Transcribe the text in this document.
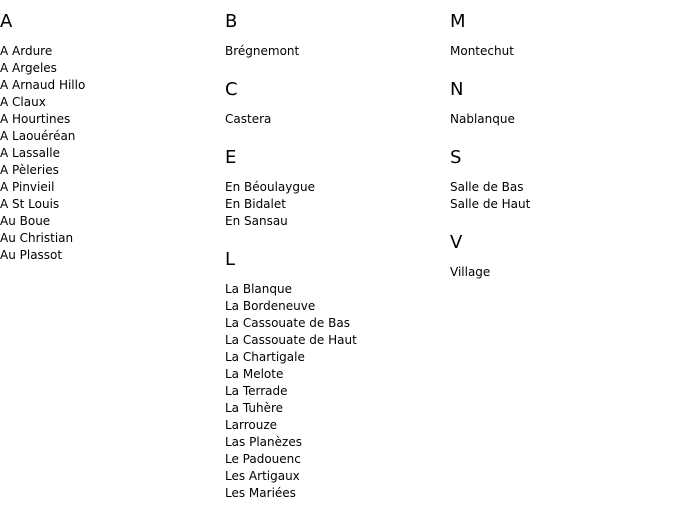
A
A Ardure
A Argeles
A Arnaud Hillo
A Claux
A Hourtines
A Laouéréan
A Lassalle
A Pèleries
A Pinvieil
A St Louis
Au Boue
Au Christian
Au Plassot
B
Brégnemont
C
Castera
E
En Béoulaygue
En Bidalet
En Sansau
L
La Blanque
La Bordeneuve
La Cassouate de Bas
La Cassouate de Haut
La Chartigale
La Melote
La Terrade
La Tuhère
Larrouze
Las Planèzes
Le Padouenc
Les Artigaux
Les Mariées
M
Montechut
N
Nablanque
S
Salle de Bas
Salle de Haut
V
Village
